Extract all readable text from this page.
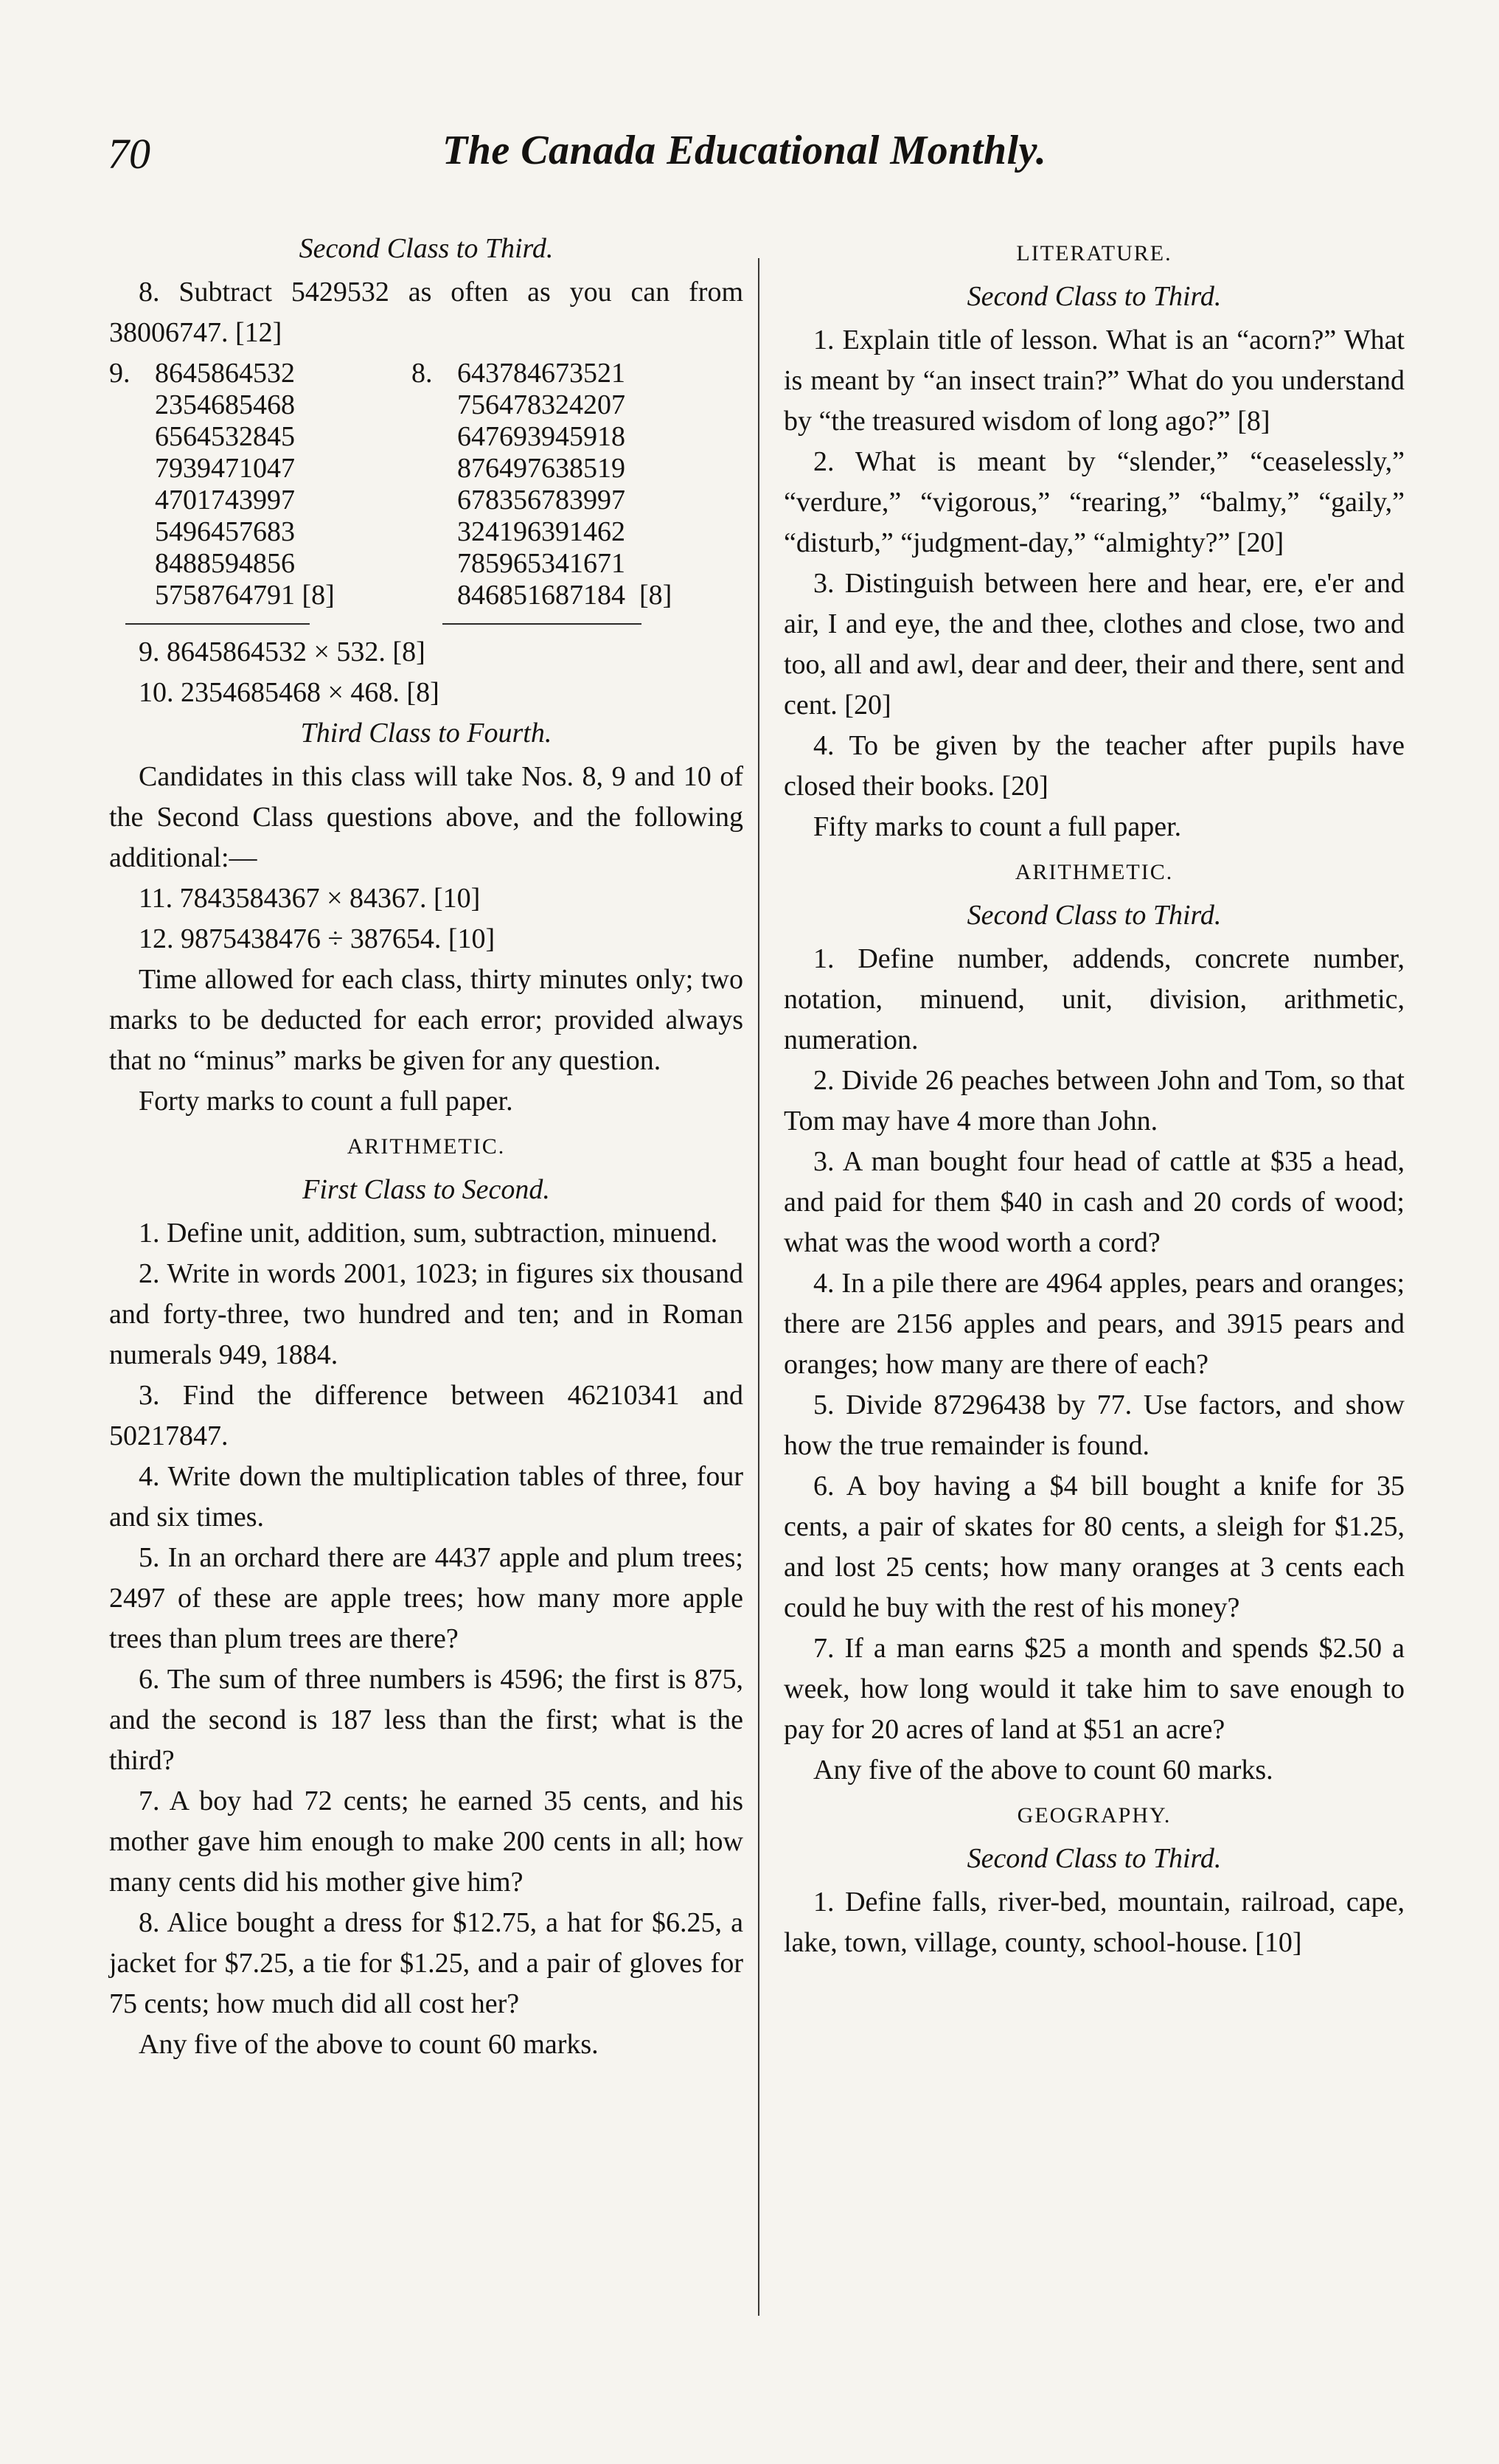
70	The Canada Educational Monthly.
Second Class to Third.

8. Subtract 5429532 as often as you can from 38006747. [12]

9. 8645864532
2354685468
6564532845
7939471047
4701743997
5496457683
8488594856
5758764791 [8]
8. 643784673521
756478324207
647693945918
876497638519
678356783997
324196391462
785965341671
846851687184  [8]

9. 8645864532 × 532. [8]

10. 2354685468 × 468. [8]

Third Class to Fourth.

Candidates in this class will take Nos. 8, 9 and 10 of the Second Class questions above, and the following additional:—

11. 7843584367 × 84367. [10]

12. 9875438476 ÷ 387654. [10]

Time allowed for each class, thirty minutes only; two marks to be deducted for each error; provided always that no “minus” marks be given for any question.

Forty marks to count a full paper.

ARITHMETIC.
First Class to Second.

1. Define unit, addition, sum, subtraction, minuend.

2. Write in words 2001, 1023; in figures six thousand and forty-three, two hundred and ten; and in Roman numerals 949, 1884.

3. Find the difference between 46210341 and 50217847.

4. Write down the multiplication tables of three, four and six times.

5. In an orchard there are 4437 apple and plum trees; 2497 of these are apple trees; how many more apple trees than plum trees are there?

6. The sum of three numbers is 4596; the first is 875, and the second is 187 less than the first; what is the third?

7. A boy had 72 cents; he earned 35 cents, and his mother gave him enough to make 200 cents in all; how many cents did his mother give him?

8. Alice bought a dress for $12.75, a hat for $6.25, a jacket for $7.25, a tie for $1.25, and a pair of gloves for 75 cents; how much did all cost her?

Any five of the above to count 60 marks.

LITERATURE.
Second Class to Third.

1. Explain title of lesson. What is an “acorn?” What is meant by “an insect train?” What do you understand by “the treasured wisdom of long ago?” [8]

2. What is meant by “slender,” “ceaselessly,” “verdure,” “vigorous,” “rearing,” “balmy,” “gaily,” “disturb,” “judgment-day,” “almighty?” [20]

3. Distinguish between here and hear, ere, e'er and air, I and eye, the and thee, clothes and close, two and too, all and awl, dear and deer, their and there, sent and cent. [20]

4. To be given by the teacher after pupils have closed their books. [20]

Fifty marks to count a full paper.

ARITHMETIC.
Second Class to Third.

1. Define number, addends, concrete number, notation, minuend, unit, division, arithmetic, numeration.

2. Divide 26 peaches between John and Tom, so that Tom may have 4 more than John.

3. A man bought four head of cattle at $35 a head, and paid for them $40 in cash and 20 cords of wood; what was the wood worth a cord?

4. In a pile there are 4964 apples, pears and oranges; there are 2156 apples and pears, and 3915 pears and oranges; how many are there of each?

5. Divide 87296438 by 77. Use factors, and show how the true remainder is found.

6. A boy having a $4 bill bought a knife for 35 cents, a pair of skates for 80 cents, a sleigh for $1.25, and lost 25 cents; how many oranges at 3 cents each could he buy with the rest of his money?

7. If a man earns $25 a month and spends $2.50 a week, how long would it take him to save enough to pay for 20 acres of land at $51 an acre?

Any five of the above to count 60 marks.

GEOGRAPHY.
Second Class to Third.

1. Define falls, river-bed, mountain, railroad, cape, lake, town, village, county, school-house. [10]
